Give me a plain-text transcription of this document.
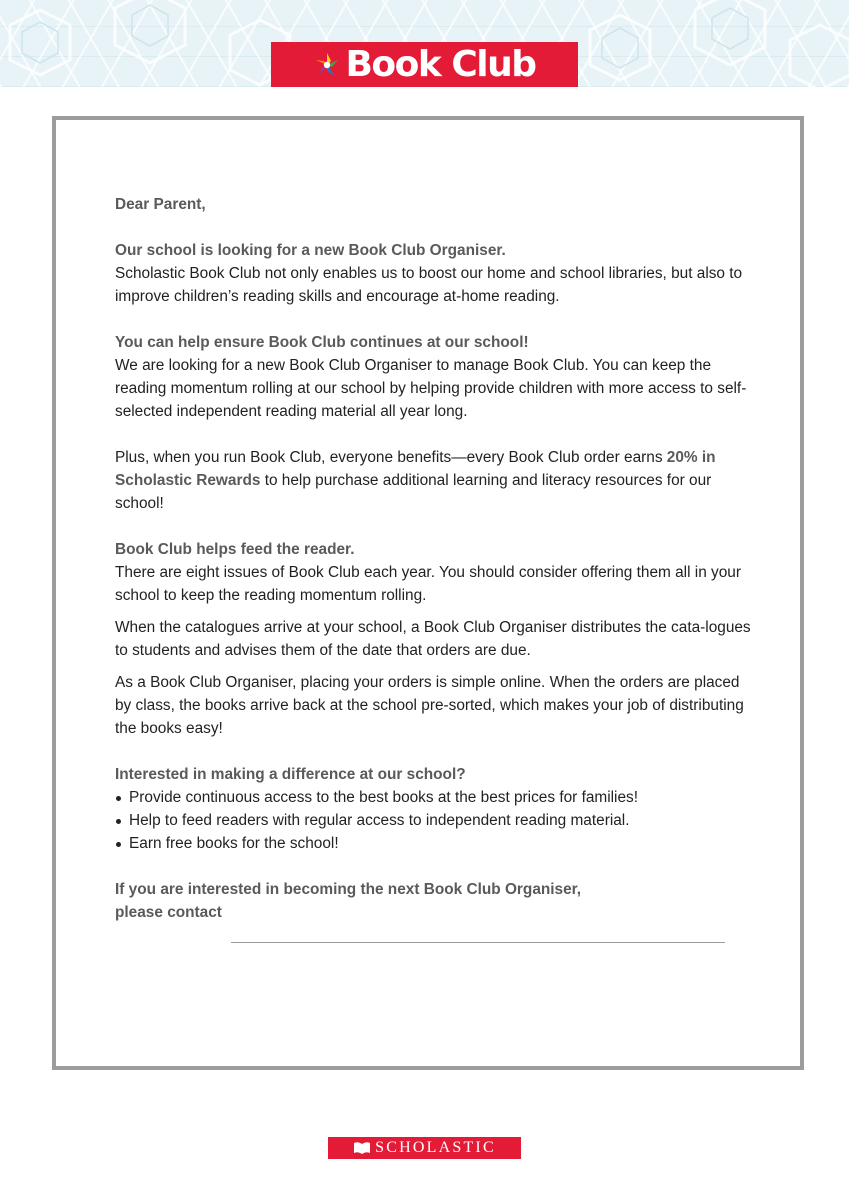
Book Club

Dear Parent,

Our school is looking for a new Book Club Organiser.

Scholastic Book Club not only enables us to boost our home and school libraries, but also to improve children’s reading skills and encourage at-home reading.

You can help ensure Book Club continues at our school!

We are looking for a new Book Club Organiser to manage Book Club. You can keep the reading momentum rolling at our school by helping provide children with more access to self-selected independent reading material all year long.

Plus, when you run Book Club, everyone benefits—every Book Club order earns 20% in Scholastic Rewards to help purchase additional learning and literacy resources for our school!

Book Club helps feed the reader.

There are eight issues of Book Club each year. You should consider offering them all in your school to keep the reading momentum rolling.

When the catalogues arrive at your school, a Book Club Organiser distributes the cata-logues to students and advises them of the date that orders are due.

As a Book Club Organiser, placing your orders is simple online. When the orders are placed by class, the books arrive back at the school pre-sorted, which makes your job of distributing the books easy!

Interested in making a difference at our school?

Provide continuous access to the best books at the best prices for families!
Help to feed readers with regular access to independent reading material.
Earn free books for the school!

If you are interested in becoming the next Book Club Organiser,

please contact

SCHOLASTIC
